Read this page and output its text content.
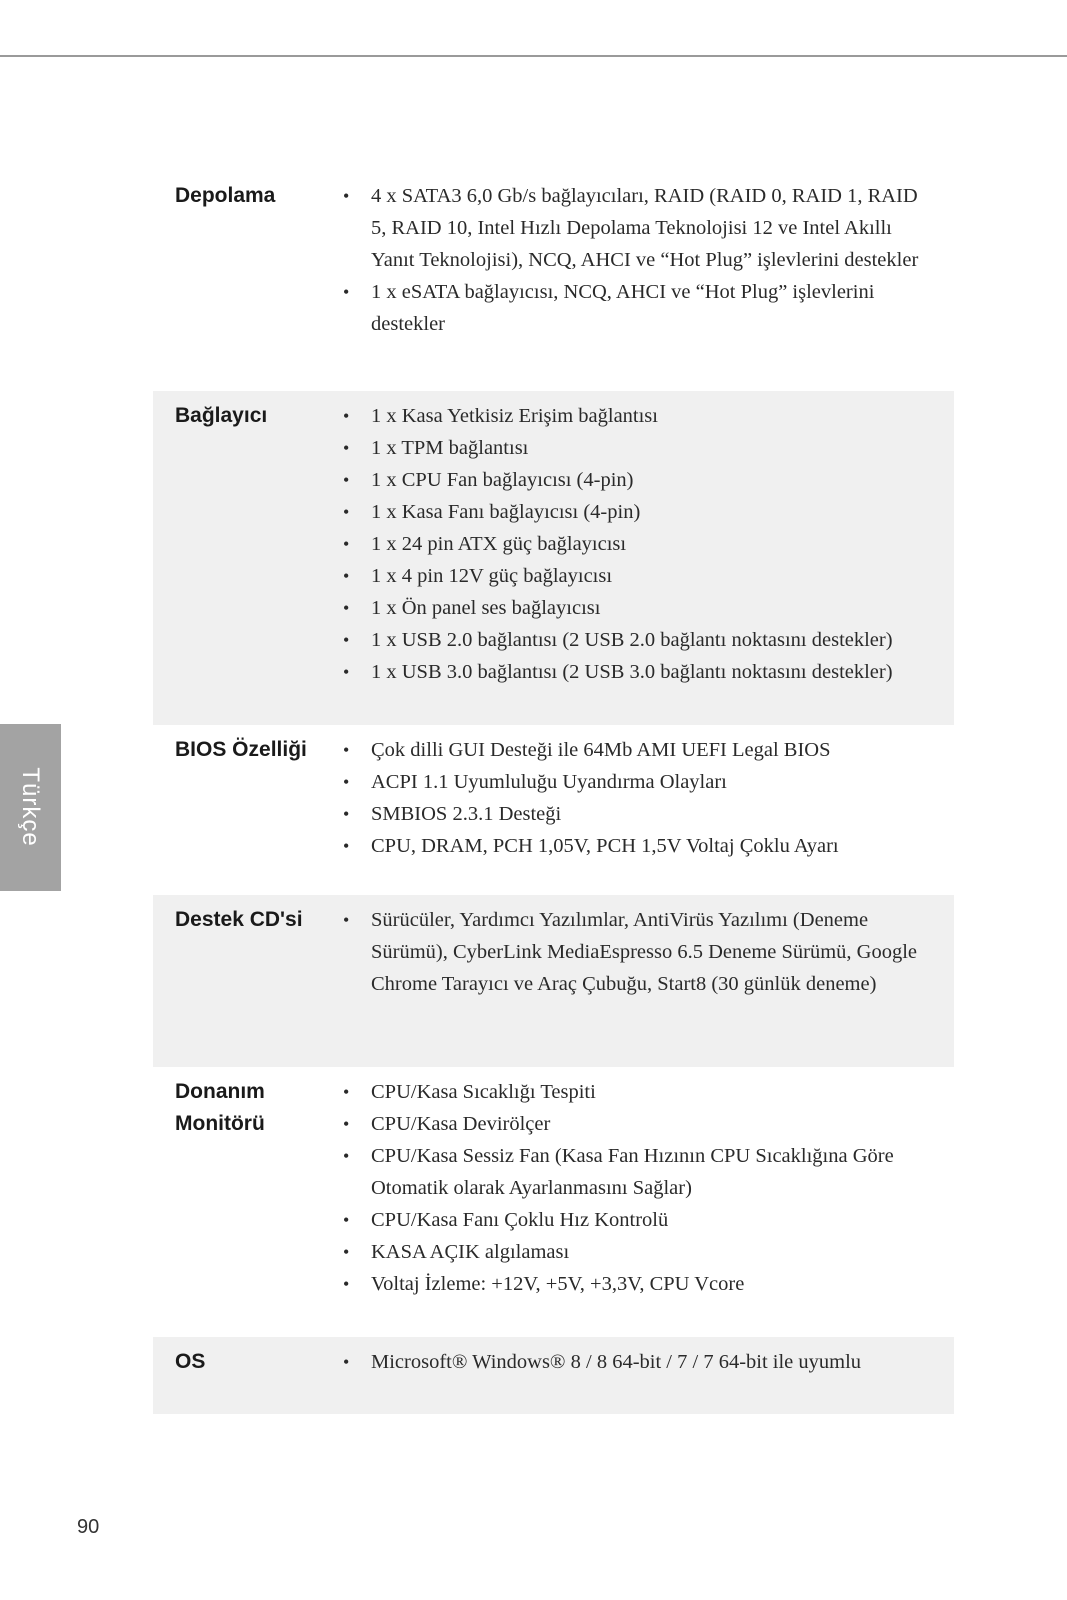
Türkçe
Depolama	• 4 x SATA3 6,0 Gb/s bağlayıcıları, RAID (RAID 0, RAID 1, RAID 5, RAID 10, Intel Hızlı Depolama Teknolojisi 12 ve Intel Akıllı Yanıt Teknolojisi), NCQ, AHCI ve “Hot Plug” işlevlerini destekler
• 1 x eSATA bağlayıcısı, NCQ, AHCI ve “Hot Plug” işlevlerini destekler
Bağlayıcı	• 1 x Kasa Yetkisiz Erişim bağlantısı
• 1 x TPM bağlantısı
• 1 x CPU Fan bağlayıcısı (4-pin)
• 1 x Kasa Fanı bağlayıcısı (4-pin)
• 1 x 24 pin ATX güç bağlayıcısı
• 1 x 4 pin 12V güç bağlayıcısı
• 1 x Ön panel ses bağlayıcısı
• 1 x USB 2.0 bağlantısı (2 USB 2.0 bağlantı noktasını destekler)
• 1 x USB 3.0 bağlantısı (2 USB 3.0 bağlantı noktasını destekler)
BIOS Özelliği	• Çok dilli GUI Desteği ile 64Mb AMI UEFI Legal BIOS
• ACPI 1.1 Uyumluluğu Uyandırma Olayları
• SMBIOS 2.3.1 Desteği
• CPU, DRAM, PCH 1,05V, PCH 1,5V Voltaj Çoklu Ayarı
Destek CD'si	• Sürücüler, Yardımcı Yazılımlar, AntiVirüs Yazılımı (Deneme Sürümü), CyberLink MediaEspresso 6.5 Deneme Sürümü, Google Chrome Tarayıcı ve Araç Çubuğu, Start8 (30 günlük deneme)
Donanım Monitörü
• CPU/Kasa Sıcaklığı Tespiti
• CPU/Kasa Devirölçer
• CPU/Kasa Sessiz Fan (Kasa Fan Hızının CPU Sıcaklığına Göre Otomatik olarak Ayarlanmasını Sağlar)
• CPU/Kasa Fanı Çoklu Hız Kontrolü
• KASA AÇIK algılaması
• Voltaj İzleme: +12V, +5V, +3,3V, CPU Vcore
OS	• Microsoft® Windows® 8 / 8 64-bit / 7 / 7 64-bit ile uyumlu
90
